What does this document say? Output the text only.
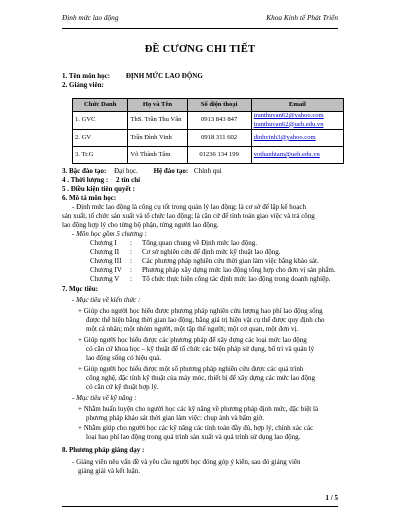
Định mức lao động	Khoa Kinh tế Phát Triển
ĐỀ CƯƠNG CHI TIẾT
1. Tên môn học: ĐỊNH MỨC LAO ĐỘNG
2. Giảng viên:
Chức Danh	Họ và Tên	Số điện thoại	Email
1. GVC	ThS. Trần Thu Vân	0913 843 847	tranthuvan62@yahoo.com
tranthuvan62@ueh.edu.vn

2. GV	Trần Đình Vinh	0918 311 602	dinhvinh3@yahoo.com

3. Tr.G	Võ Thành Tâm	01236 134 199	vothanhtam@ueh.edu.vn
3. Bậc đào tạo: Đại học. Hệ đào tạo: Chính qui
4 . Thời lượng : 2 tín chỉ
5 . Điều kiện tiên quyết :
6. Mô tả môn học:
- Định mức lao động là công cụ tốt trong quản lý lao động; là cơ sở để lập kế hoạch
sản xuất, tổ chức sản xuất và tổ chức lao động; là căn cứ để tính toán giao việc và trả công
lao động hợp lý cho từng bộ phận, từng người lao động.
- Môn học gồm 5 chương :
Chương I : Tổng quan chung về Định mức lao động.
Chương II : Cơ sở nghiên cứu để định mức kỹ thuật lao động.
Chương III : Các phương pháp nghiên cứu thời gian làm việc bằng khảo sát.
Chương IV : Phương pháp xây dựng mức lao động tổng hợp cho đơn vị sản phẩm.
Chương V : Tổ chức thực hiện công tác định mức lao động trong doanh nghiệp.
7. Mục tiêu:
- Mục tiêu về kiến thức :
+ Giúp cho người học hiểu được phương pháp nghiên cứu lượng hao phí lao động sống
được thể hiện bằng thời gian lao động, bằng giá trị hiện vật cụ thể được quy định cho
một cá nhân; một nhóm người, một tập thể người; một cơ quan, một đơn vị.
+ Giúp người học hiểu được các phương pháp để xây dựng các loại mức lao động
có căn cứ khoa học – kỹ thuật để tổ chức các biện pháp sử dụng, bố trí và quản lý
lao động sống có hiệu quả.
+ Giúp người học hiểu được một số phương pháp nghiên cứu được các quá trình
công nghệ, đặc tính kỹ thuật của máy móc, thiết bị để xây dựng các mức lao động
có căn cứ kỹ thuật hợp lý.
- Mục tiêu về kỹ năng :
+ Nhằm huấn luyện cho người học các kỹ năng về phương pháp định mức, đặc biệt là
phương pháp khảo sát thời gian làm việc: chụp ảnh và bấm giờ.
+ Nhằm giúp cho người học các kỹ năng các tính toán đầy đủ, hợp lý, chính xác các
loại hao phí lao động trong quá trình sản xuất và quá trình sử dụng lao động.
8. Phương pháp giảng dạy :
- Giảng viên nêu vấn đề và yêu cầu người học đóng góp ý kiến, sau đó giảng viên
giảng giải và kết luận.
1 / 5
